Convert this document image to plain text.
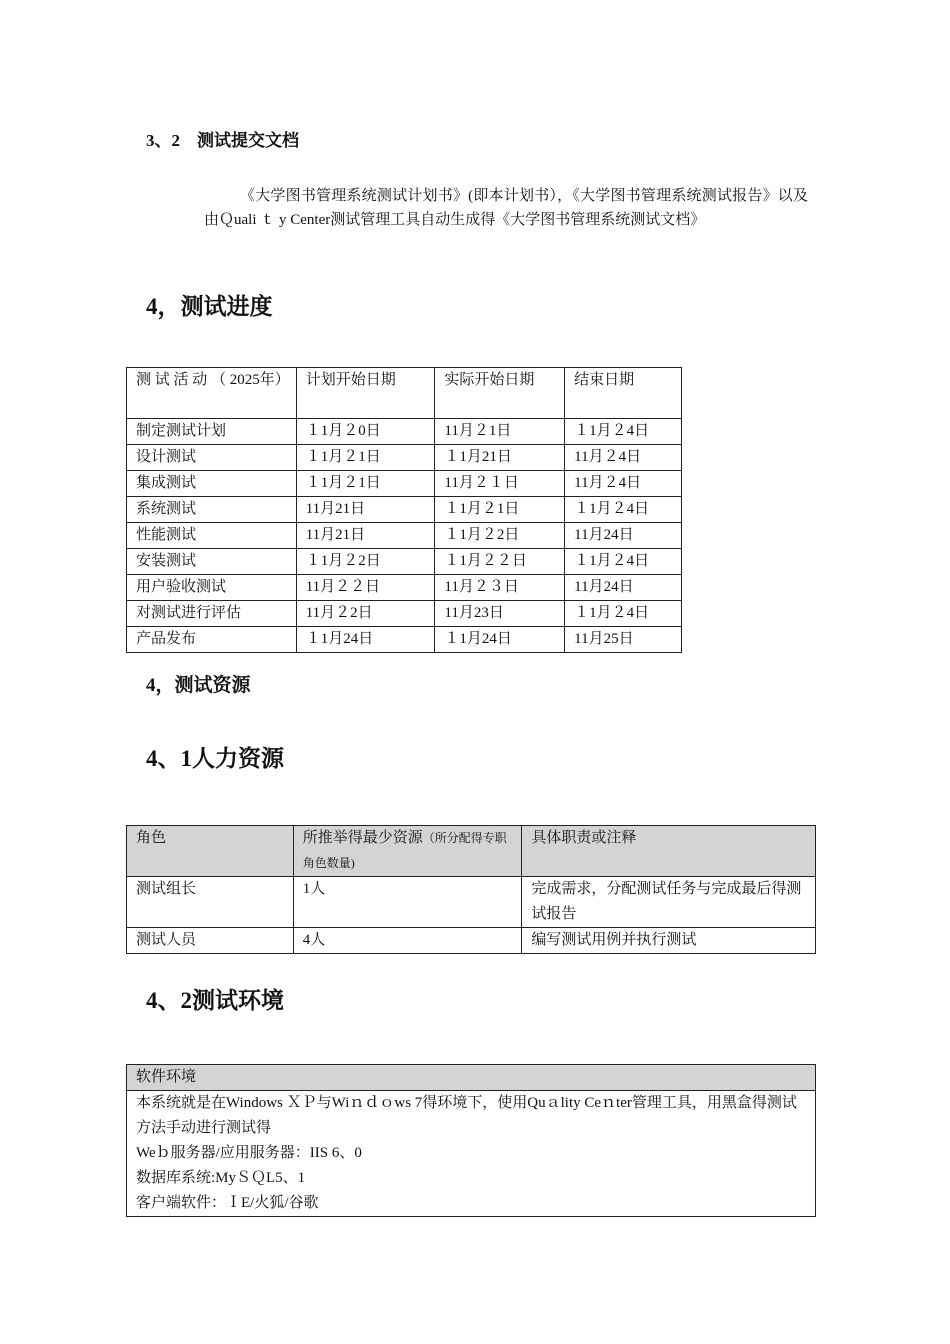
3、2　测试提交文档
《大学图书管理系统测试计划书》(即本计划书），《大学图书管理系统测试报告》以及由Ｑuali ｔ y Center测试管理工具自动生成得《大学图书管理系统测试文档》
4，测试进度
测 试 活 动 （ 2025年）	计划开始日期	实际开始日期	结束日期
制定测试计划	１1月２0日	11月２1日	１1月２4日
设计测试	１1月２1日	１1月21日	11月２4日
集成测试	１1月２1日	11月２１日	11月２4日
系统测试	11月21日	１1月２1日	１1月２4日
性能测试	11月21日	１1月２2日	11月24日
安装测试	１1月２2日	１1月２２日	１1月２4日
用户验收测试	11月２２日	11月２３日	11月24日
对测试进行评估	11月２2日	11月23日	１1月２4日
产品发布	１1月24日	１1月24日	11月25日
4，测试资源
4、1人力资源
角色	所推举得最少资源（所分配得专职角色数量)	具体职责或注释
测试组长	1人	完成需求，分配测试任务与完成最后得测试报告
测试人员	4人	编写测试用例并执行测试
4、2测试环境
软件环境

本系统就是在Windows ＸＰ与Wiｎｄｏws 7得环境下，使用Quａlity Ceｎter管理工具，用黑盒得测试方法手动进行测试得
Weｂ服务器/应用服务器：IIS 6、0
数据库系统:MyＳＱL5、1
客户端软件：ＩE/火狐/谷歌
